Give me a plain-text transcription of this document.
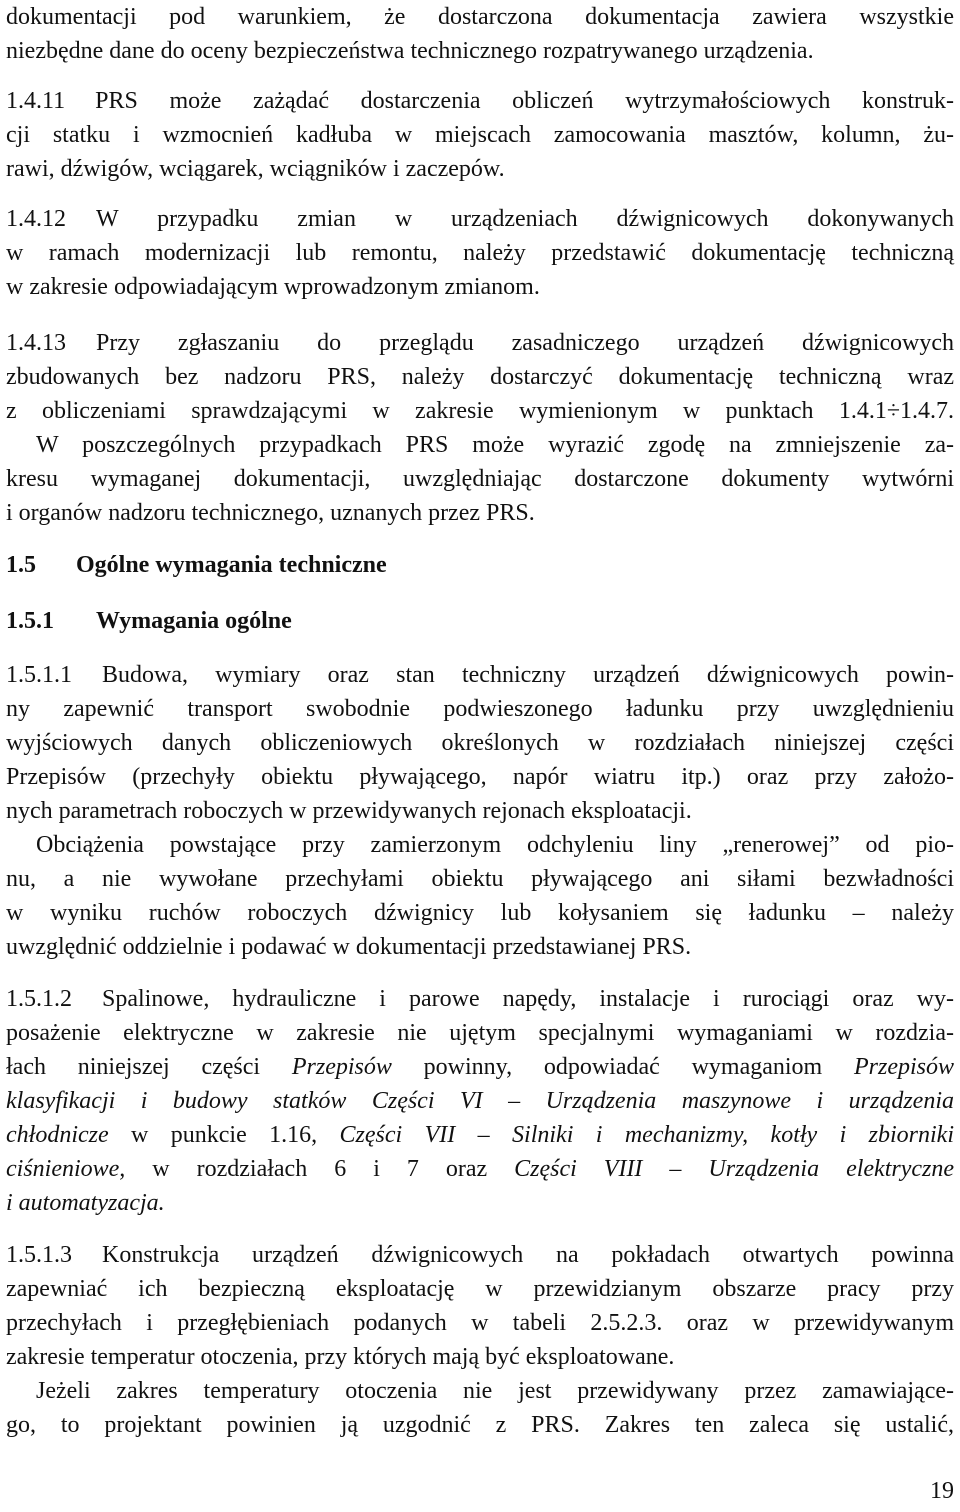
dokumentacji pod warunkiem, że dostarczona dokumentacja zawiera wszystkie
niezbędne dane do oceny bezpieczeństwa technicznego rozpatrywanego urządzenia.
1.4.11 PRS może zażądać dostarczenia obliczeń wytrzymałościowych konstruk-
cji statku i wzmocnień kadłuba w miejscach zamocowania masztów, kolumn, żu-
rawi, dźwigów, wciągarek, wciągników i zaczepów.
1.4.12 W przypadku zmian w urządzeniach dźwignicowych dokonywanych
w ramach modernizacji lub remontu, należy przedstawić dokumentację techniczną
w zakresie odpowiadającym wprowadzonym zmianom.
1.4.13 Przy zgłaszaniu do przeglądu zasadniczego urządzeń dźwignicowych
zbudowanych bez nadzoru PRS, należy dostarczyć dokumentację techniczną wraz
z obliczeniami sprawdzającymi w zakresie wymienionym w punktach 1.4.1÷1.4.7.
W poszczególnych przypadkach PRS może wyrazić zgodę na zmniejszenie za-
kresu wymaganej dokumentacji, uwzględniając dostarczone dokumenty wytwórni
i organów nadzoru technicznego, uznanych przez PRS.
1.5 Ogólne wymagania techniczne
1.5.1 Wymagania ogólne
1.5.1.1 Budowa, wymiary oraz stan techniczny urządzeń dźwignicowych powin-
ny zapewnić transport swobodnie podwieszonego ładunku przy uwzględnieniu
wyjściowych danych obliczeniowych określonych w rozdziałach niniejszej części
Przepisów (przechyły obiektu pływającego, napór wiatru itp.) oraz przy założo-
nych parametrach roboczych w przewidywanych rejonach eksploatacji.
Obciążenia powstające przy zamierzonym odchyleniu liny „renerowej” od pio-
nu, a nie wywołane przechyłami obiektu pływającego ani siłami bezwładności
w wyniku ruchów roboczych dźwignicy lub kołysaniem się ładunku – należy
uwzględnić oddzielnie i podawać w dokumentacji przedstawianej PRS.
1.5.1.2 Spalinowe, hydrauliczne i parowe napędy, instalacje i rurociągi oraz wy-
posażenie elektryczne w zakresie nie ujętym specjalnymi wymaganiami w rozdzia-
łach niniejszej części Przepisów powinny, odpowiadać wymaganiom Przepisów
klasyfikacji i budowy statków Części VI – Urządzenia maszynowe i urządzenia
chłodnicze w punkcie 1.16, Części VII – Silniki i mechanizmy, kotły i zbiorniki
ciśnieniowe, w rozdziałach 6 i 7 oraz Części VIII – Urządzenia elektryczne
i automatyzacja.
1.5.1.3 Konstrukcja urządzeń dźwignicowych na pokładach otwartych powinna
zapewniać ich bezpieczną eksploatację w przewidzianym obszarze pracy przy
przechyłach i przegłębieniach podanych w tabeli 2.5.2.3. oraz w przewidywanym
zakresie temperatur otoczenia, przy których mają być eksploatowane.
Jeżeli zakres temperatury otoczenia nie jest przewidywany przez zamawiające-
go, to projektant powinien ją uzgodnić z PRS. Zakres ten zaleca się ustalić,
19
